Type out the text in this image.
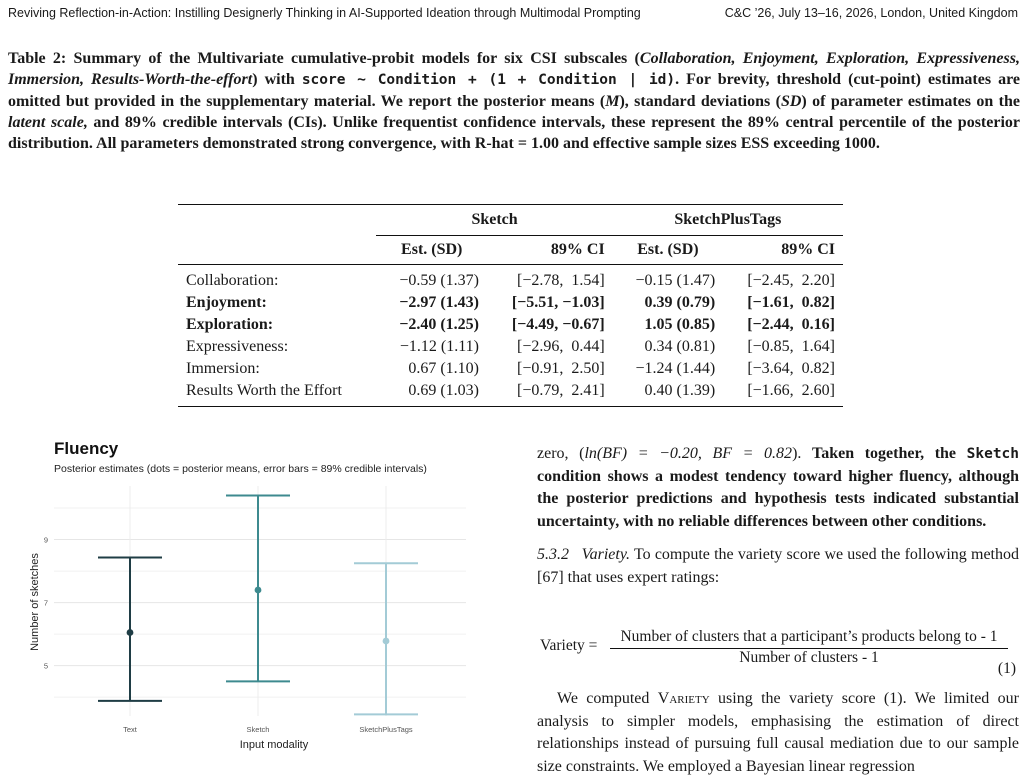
Reviving Reflection-in-Action: Instilling Designerly Thinking in AI-Supported Ideation through Multimodal Prompting	C&C ’26, July 13–16, 2026, London, United Kingdom
Table 2: Summary of the Multivariate cumulative-probit models for six CSI subscales (Collaboration, Enjoyment, Exploration, Expressiveness, Immersion, Results-Worth-the-effort) with score ∼ Condition + (1 + Condition | id). For brevity, threshold (cut-point) estimates are omitted but provided in the supplementary material. We report the posterior means (M), standard deviations (SD) of parameter estimates on the latent scale, and 89% credible intervals (CIs). Unlike frequentist confidence intervals, these represent the 89% central percentile of the posterior distribution. All parameters demonstrated strong convergence, with R-hat = 1.00 and effective sample sizes ESS exceeding 1000.
	Sketch		SketchPlusTags	
	Est. (SD)	89% CI	Est. (SD)	89% CI
Collaboration:	−0.59 (1.37)	[−2.78,  1.54]	−0.15 (1.47)	[−2.45,  2.20]
Enjoyment:	−2.97 (1.43)	[−5.51, −1.03]	0.39 (0.79)	[−1.61,  0.82]
Exploration:	−2.40 (1.25)	[−4.49, −0.67]	1.05 (0.85)	[−2.44,  0.16]
Expressiveness:	−1.12 (1.11)	[−2.96,  0.44]	0.34 (0.81)	[−0.85,  1.64]
Immersion:	0.67 (1.10)	[−0.91,  2.50]	−1.24 (1.44)	[−3.64,  0.82]
Results Worth the Effort	0.69 (1.03)	[−0.79,  2.41]	0.40 (1.39)	[−1.66,  2.60]
Fluency
Posterior estimates (dots = posterior means, error bars = 89% credible intervals)
5
7
9
Text	Sketch	SketchPlusTags
Number of sketches
Input modality

zero, (ln(BF) = −0.20, BF = 0.82). Taken together, the Sketch condition shows a modest tendency toward higher fluency, although the posterior predictions and hypothesis tests indicated substantial uncertainty, with no reliable differences between other conditions.

5.3.2 Variety. To compute the variety score we used the following method [67] that uses expert ratings:

Variety =
Number of clusters that a participant’s products belong to - 1
Number of clusters - 1
(1)
We computed Variety using the variety score (1). We limited our analysis to simpler models, emphasising the estimation of direct relationships instead of pursuing full causal mediation due to our sample size constraints. We employed a Bayesian linear regression
